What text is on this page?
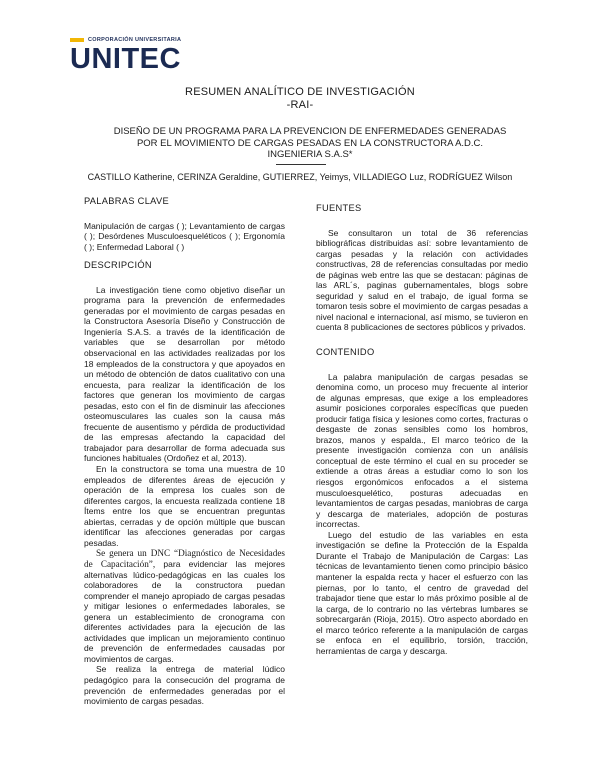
CORPORACIÓN UNIVERSITARIA
UNITEC
RESUMEN ANALÍTICO DE INVESTIGACIÓN
-RAI-
DISEÑO DE UN PROGRAMA PARA LA PREVENCION DE ENFERMEDADES GENERADAS POR EL MOVIMIENTO DE CARGAS PESADAS EN LA CONSTRUCTORA A.D.C. INGENIERIA S.A.S*
CASTILLO Katherine, CERINZA Geraldine, GUTIERREZ, Yeimys, VILLADIEGO Luz, RODRÍGUEZ Wilson
PALABRAS CLAVE
Manipulación de cargas ( ); Levantamiento de cargas ( ); Desórdenes Musculoesqueléticos ( ); Ergonomía ( ); Enfermedad Laboral ( )
DESCRIPCIÓN
La investigación tiene como objetivo diseñar un programa para la prevención de enfermedades generadas por el movimiento de cargas pesadas en la Constructora Asesoría Diseño y Construcción de Ingeniería S.A.S. a través de la identificación de variables que se desarrollan por método observacional en las actividades realizadas por los 18 empleados de la constructora y que apoyados en un método de obtención de datos cualitativo con una encuesta, para realizar la identificación de los factores que generan los movimiento de cargas pesadas, esto con el fin de disminuir las afecciones osteomusculares las cuales son la causa más frecuente de ausentismo y pérdida de productividad de las empresas afectando la capacidad del trabajador para desarrollar de forma adecuada sus funciones habituales (Ordoñez et al, 2013).
En la constructora se toma una muestra de 10 empleados de diferentes áreas de ejecución y operación de la empresa los cuales son de diferentes cargos, la encuesta realizada contiene 18 Ítems entre los que se encuentran preguntas abiertas, cerradas y de opción múltiple que buscan identificar las afecciones generadas por cargas pesadas.
Se genera un DNC “Diagnóstico de Necesidades de Capacitación”, para evidenciar las mejores alternativas lúdico-pedagógicas en las cuales los colaboradores de la constructora puedan comprender el manejo apropiado de cargas pesadas y mitigar lesiones o enfermedades laborales, se genera un establecimiento de cronograma con diferentes actividades para la ejecución de las actividades que implican un mejoramiento continuo de prevención de enfermedades causadas por movimientos de cargas.
Se realiza la entrega de material lúdico pedagógico para la consecución del programa de prevención de enfermedades generadas por el movimiento de cargas pesadas.
FUENTES
Se consultaron un total de 36 referencias bibliográficas distribuidas así: sobre levantamiento de cargas pesadas y la relación con actividades constructivas, 28 de referencias consultadas por medio de páginas web entre las que se destacan: páginas de las ARL´s, paginas gubernamentales, blogs sobre seguridad y salud en el trabajo, de igual forma se tomaron tesis sobre el movimiento de cargas pesadas a nivel nacional e internacional, así mismo, se tuvieron en cuenta 8 publicaciones de sectores públicos y privados.
CONTENIDO
La palabra manipulación de cargas pesadas se denomina como, un proceso muy frecuente al interior de algunas empresas, que exige a los empleadores asumir posiciones corporales específicas que pueden producir fatiga física y lesiones como cortes, fracturas o desgaste de zonas sensibles como los hombros, brazos, manos y espalda., El marco teórico de la presente investigación comienza con un análisis conceptual de este término el cual en su proceder se extiende a otras áreas a estudiar como lo son los riesgos ergonómicos enfocados a el sistema musculoesquelético, posturas adecuadas en levantamientos de cargas pesadas, maniobras de carga y descarga de materiales, adopción de posturas incorrectas.
Luego del estudio de las variables en esta investigación se define la Protección de la Espalda Durante el Trabajo de Manipulación de Cargas: Las técnicas de levantamiento tienen como principio básico mantener la espalda recta y hacer el esfuerzo con las piernas, por lo tanto, el centro de gravedad del trabajador tiene que estar lo más próximo posible al de la carga, de lo contrario no las vértebras lumbares se sobrecargarán (Rioja, 2015). Otro aspecto abordado en el marco teórico referente a la manipulación de cargas se enfoca en el equilibrio, torsión, tracción, herramientas de carga y descarga.
